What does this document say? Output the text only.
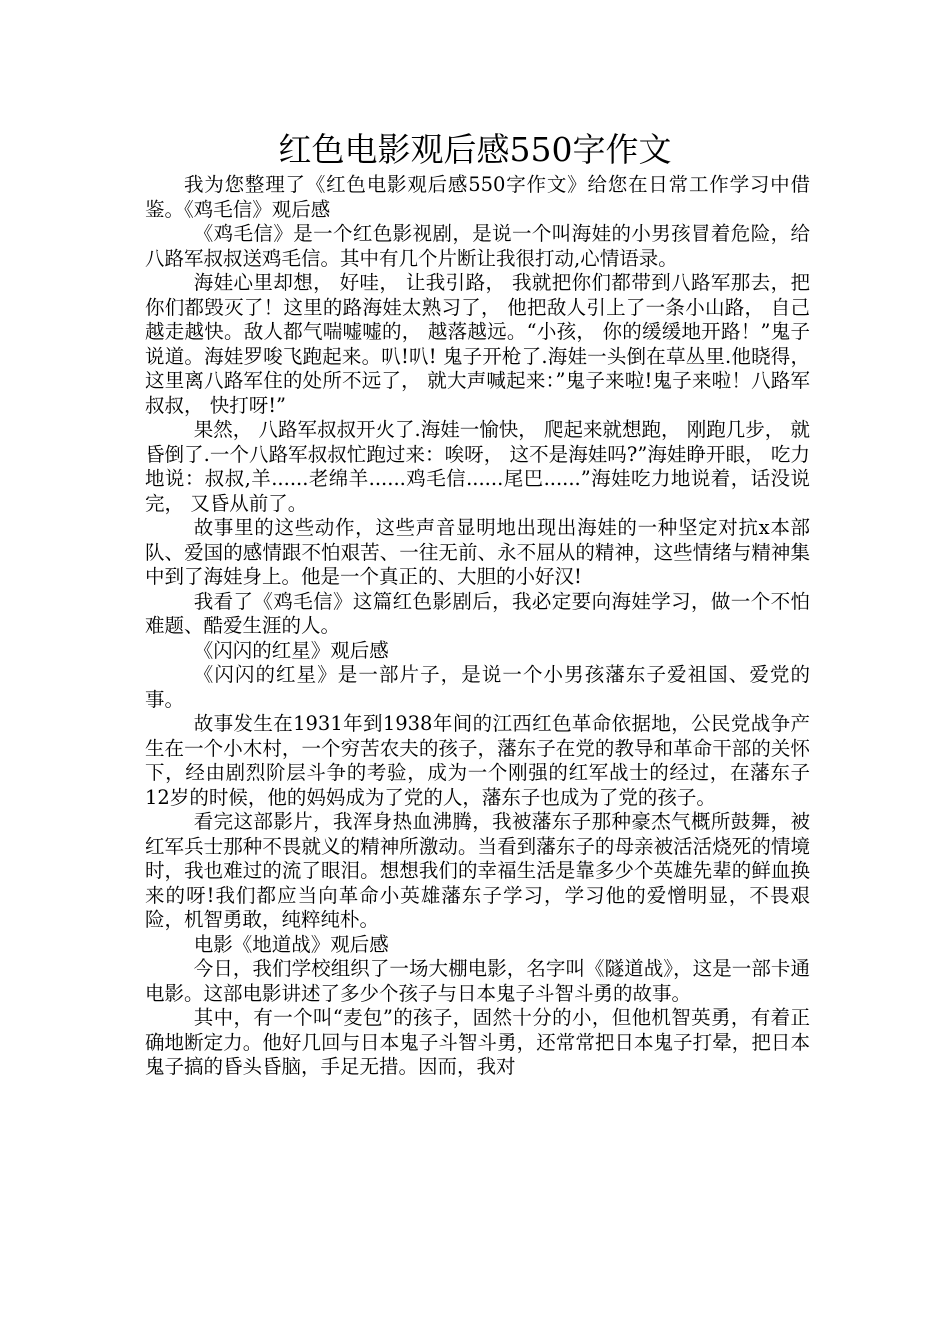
红色电影观后感550字作文

我为您整理了《红色电影观后感550字作文》给您在日常工作学习中借鉴。《鸡毛信》观后感

《鸡毛信》是一个红色影视剧，是说一个叫海娃的小男孩冒着危险，给八路军叔叔送鸡毛信。其中有几个片断让我很打动,心情语录。

海娃心里却想， 好哇， 让我引路， 我就把你们都带到八路军那去，把你们都毁灭了！这里的路海娃太熟习了， 他把敌人引上了一条小山路， 自己越走越快。敌人都气喘嘘嘘的， 越落越远。“小孩， 你的缓缓地开路！”鬼子说道。海娃罗唆飞跑起来。叭!叭! 鬼子开枪了.海娃一头倒在草丛里.他晓得， 这里离八路军住的处所不远了， 就大声喊起来：”鬼子来啦!鬼子来啦！八路军叔叔， 快打呀!”

果然， 八路军叔叔开火了.海娃一愉快， 爬起来就想跑， 刚跑几步， 就昏倒了.一个八路军叔叔忙跑过来：唉呀， 这不是海娃吗?”海娃睁开眼， 吃力地说：叔叔,羊......老绵羊......鸡毛信......尾巴......”海娃吃力地说着，话没说完， 又昏从前了。

故事里的这些动作，这些声音显明地出现出海娃的一种坚定对抗x本部队、爱国的感情跟不怕艰苦、一往无前、永不屈从的精神，这些情绪与精神集中到了海娃身上。他是一个真正的、大胆的小好汉!

我看了《鸡毛信》这篇红色影剧后，我必定要向海娃学习，做一个不怕难题、酷爱生涯的人。

《闪闪的红星》观后感

《闪闪的红星》是一部片子，是说一个小男孩藩东子爱祖国、爱党的事。

故事发生在1931年到1938年间的江西红色革命依据地，公民党战争产生在一个小木村，一个穷苦农夫的孩子，藩东子在党的教导和革命干部的关怀下，经由剧烈阶层斗争的考验，成为一个刚强的红军战士的经过，在藩东子12岁的时候，他的妈妈成为了党的人，藩东子也成为了党的孩子。

看完这部影片，我浑身热血沸腾，我被藩东子那种豪杰气概所鼓舞，被红军兵士那种不畏就义的精神所激动。当看到藩东子的母亲被活活烧死的情境时，我也难过的流了眼泪。想想我们的幸福生活是靠多少个英雄先辈的鲜血换来的呀!我们都应当向革命小英雄藩东子学习，学习他的爱憎明显，不畏艰险，机智勇敢，纯粹纯朴。

电影《地道战》观后感

今日，我们学校组织了一场大棚电影，名字叫《隧道战》，这是一部卡通电影。这部电影讲述了多少个孩子与日本鬼子斗智斗勇的故事。

其中，有一个叫“麦包”的孩子，固然十分的小，但他机智英勇，有着正确地断定力。他好几回与日本鬼子斗智斗勇，还常常把日本鬼子打晕，把日本鬼子搞的昏头昏脑，手足无措。因而，我对
